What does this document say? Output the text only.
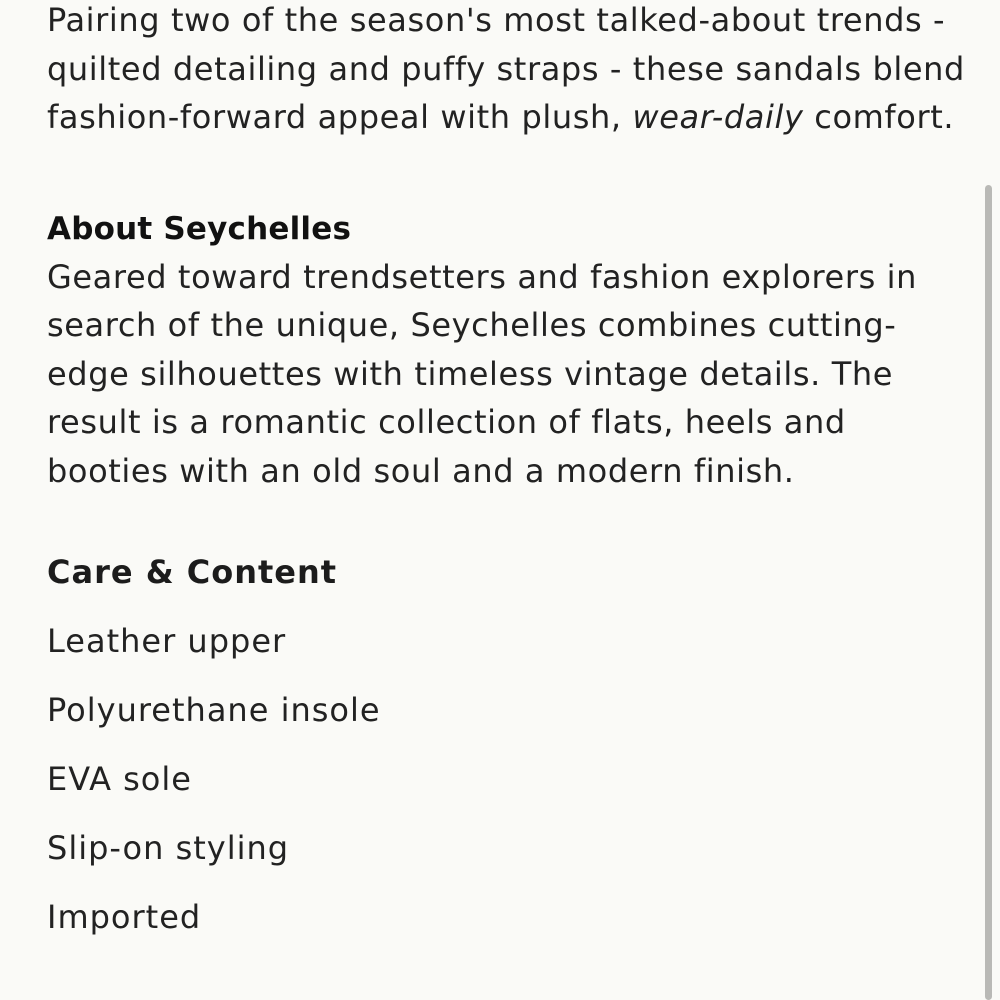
Pairing two of the season's most talked-about trends - quilted detailing and puffy straps - these sandals blend fashion-forward appeal with plush, wear-daily comfort.

About Seychelles

Geared toward trendsetters and fashion explorers in search of the unique, Seychelles combines cutting-edge silhouettes with timeless vintage details. The result is a romantic collection of flats, heels and booties with an old soul and a modern finish.

Care & Content
Leather upper
Polyurethane insole
EVA sole
Slip-on styling
Imported
